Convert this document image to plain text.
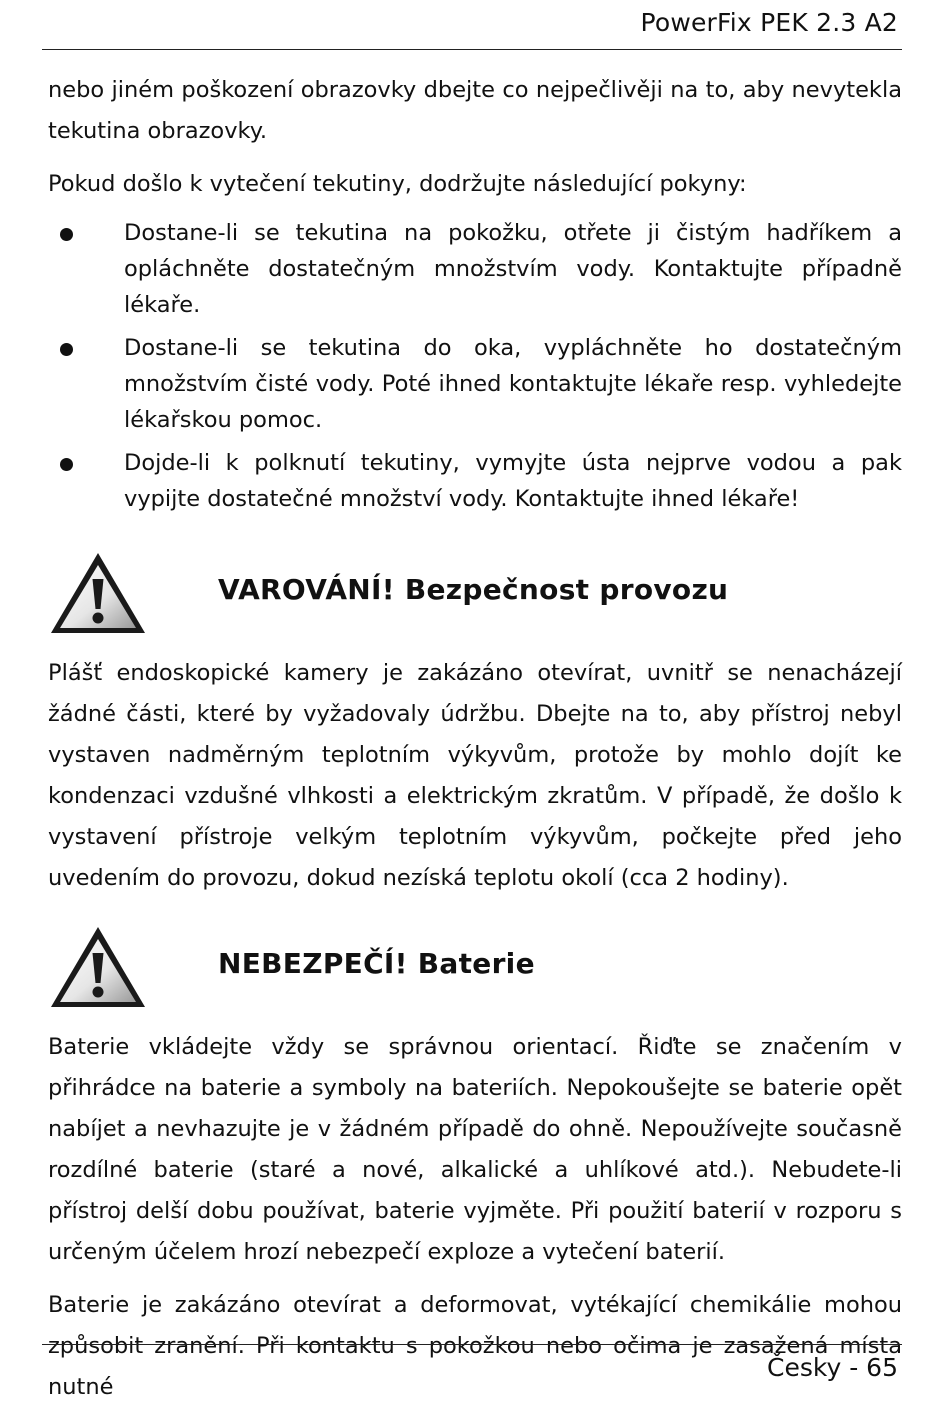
PowerFix PEK 2.3 A2

nebo jiném poškození obrazovky dbejte co nejpečlivěji na to, aby nevytekla tekutina obrazovky.

Pokud došlo k vytečení tekutiny, dodržujte následující pokyny:

Dostane-li se tekutina na pokožku, otřete ji čistým hadříkem a opláchněte dostatečným množstvím vody. Kontaktujte případně lékaře.
Dostane-li se tekutina do oka, vypláchněte ho dostatečným množstvím čisté vody. Poté ihned kontaktujte lékaře resp. vyhledejte lékařskou pomoc.
Dojde-li k polknutí tekutiny, vymyjte ústa nejprve vodou a pak vypijte dostatečné množství vody. Kontaktujte ihned lékaře!
VAROVÁNÍ! Bezpečnost provozu

Plášť endoskopické kamery je zakázáno otevírat, uvnitř se nenacházejí žádné části, které by vyžadovaly údržbu. Dbejte na to, aby přístroj nebyl vystaven nadměrným teplotním výkyvům, protože by mohlo dojít ke kondenzaci vzdušné vlhkosti a elektrickým zkratům. V případě, že došlo k vystavení přístroje velkým teplotním výkyvům, počkejte před jeho uvedením do provozu, dokud nezíská teplotu okolí (cca 2 hodiny).

NEBEZPEČÍ! Baterie

Baterie vkládejte vždy se správnou orientací. Řiďte se značením v přihrádce na baterie a symboly na bateriích. Nepokoušejte se baterie opět nabíjet a nevhazujte je v žádném případě do ohně. Nepoužívejte současně rozdílné baterie (staré a nové, alkalické a uhlíkové atd.). Nebudete-li přístroj delší dobu používat, baterie vyjměte. Při použití baterií v rozporu s určeným účelem hrozí nebezpečí exploze a vytečení baterií.

Baterie je zakázáno otevírat a deformovat, vytékající chemikálie mohou způsobit zranění. Při kontaktu s pokožkou nebo očima je zasažená místa nutné

Česky - 65
